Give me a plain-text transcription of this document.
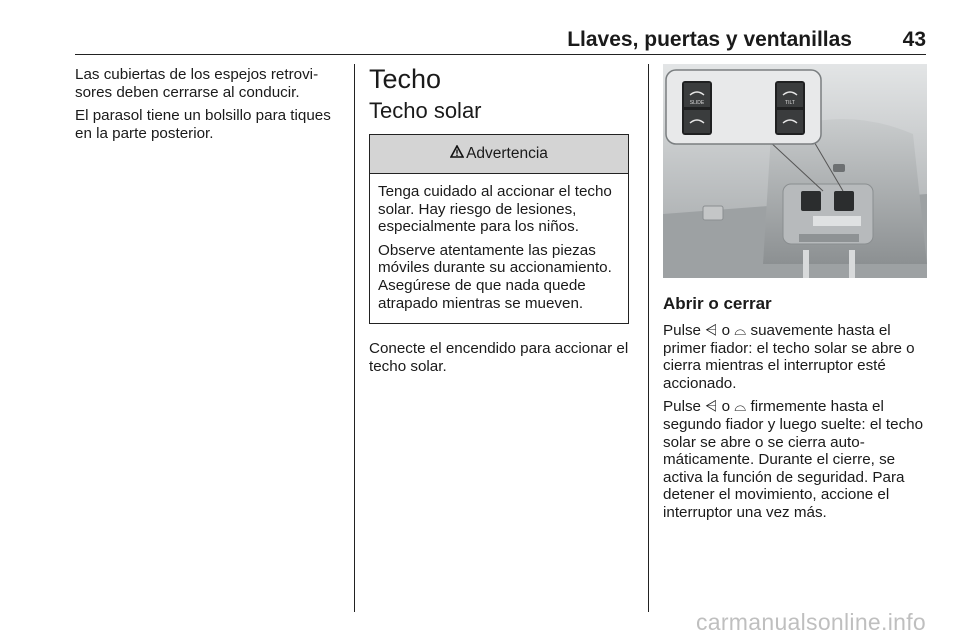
Llaves, puertas y ventanillas 43

Las cubiertas de los espejos retrovisores deben cerrarse al conducir.

El parasol tiene un bolsillo para tiques en la parte posterior.

Techo
Techo solar
Advertencia

Tenga cuidado al accionar el techo solar. Hay riesgo de lesiones, especialmente para los niños.

Observe atentamente las piezas móviles durante su accionamiento. Asegúrese de que nada quede atrapado mientras se mueven.

Conecte el encendido para accionar el techo solar.

SLIDE	TILT
Abrir o cerrar

Pulse ⩤ o ⌓ suavemente hasta el primer fiador: el techo solar se abre o cierra mientras el interruptor esté accionado.

Pulse ⩤ o ⌓ firmemente hasta el segundo fiador y luego suelte: el techo solar se abre o se cierra automáticamente. Durante el cierre, se activa la función de seguridad. Para detener el movimiento, accione el interruptor una vez más.

carmanualsonline.info
